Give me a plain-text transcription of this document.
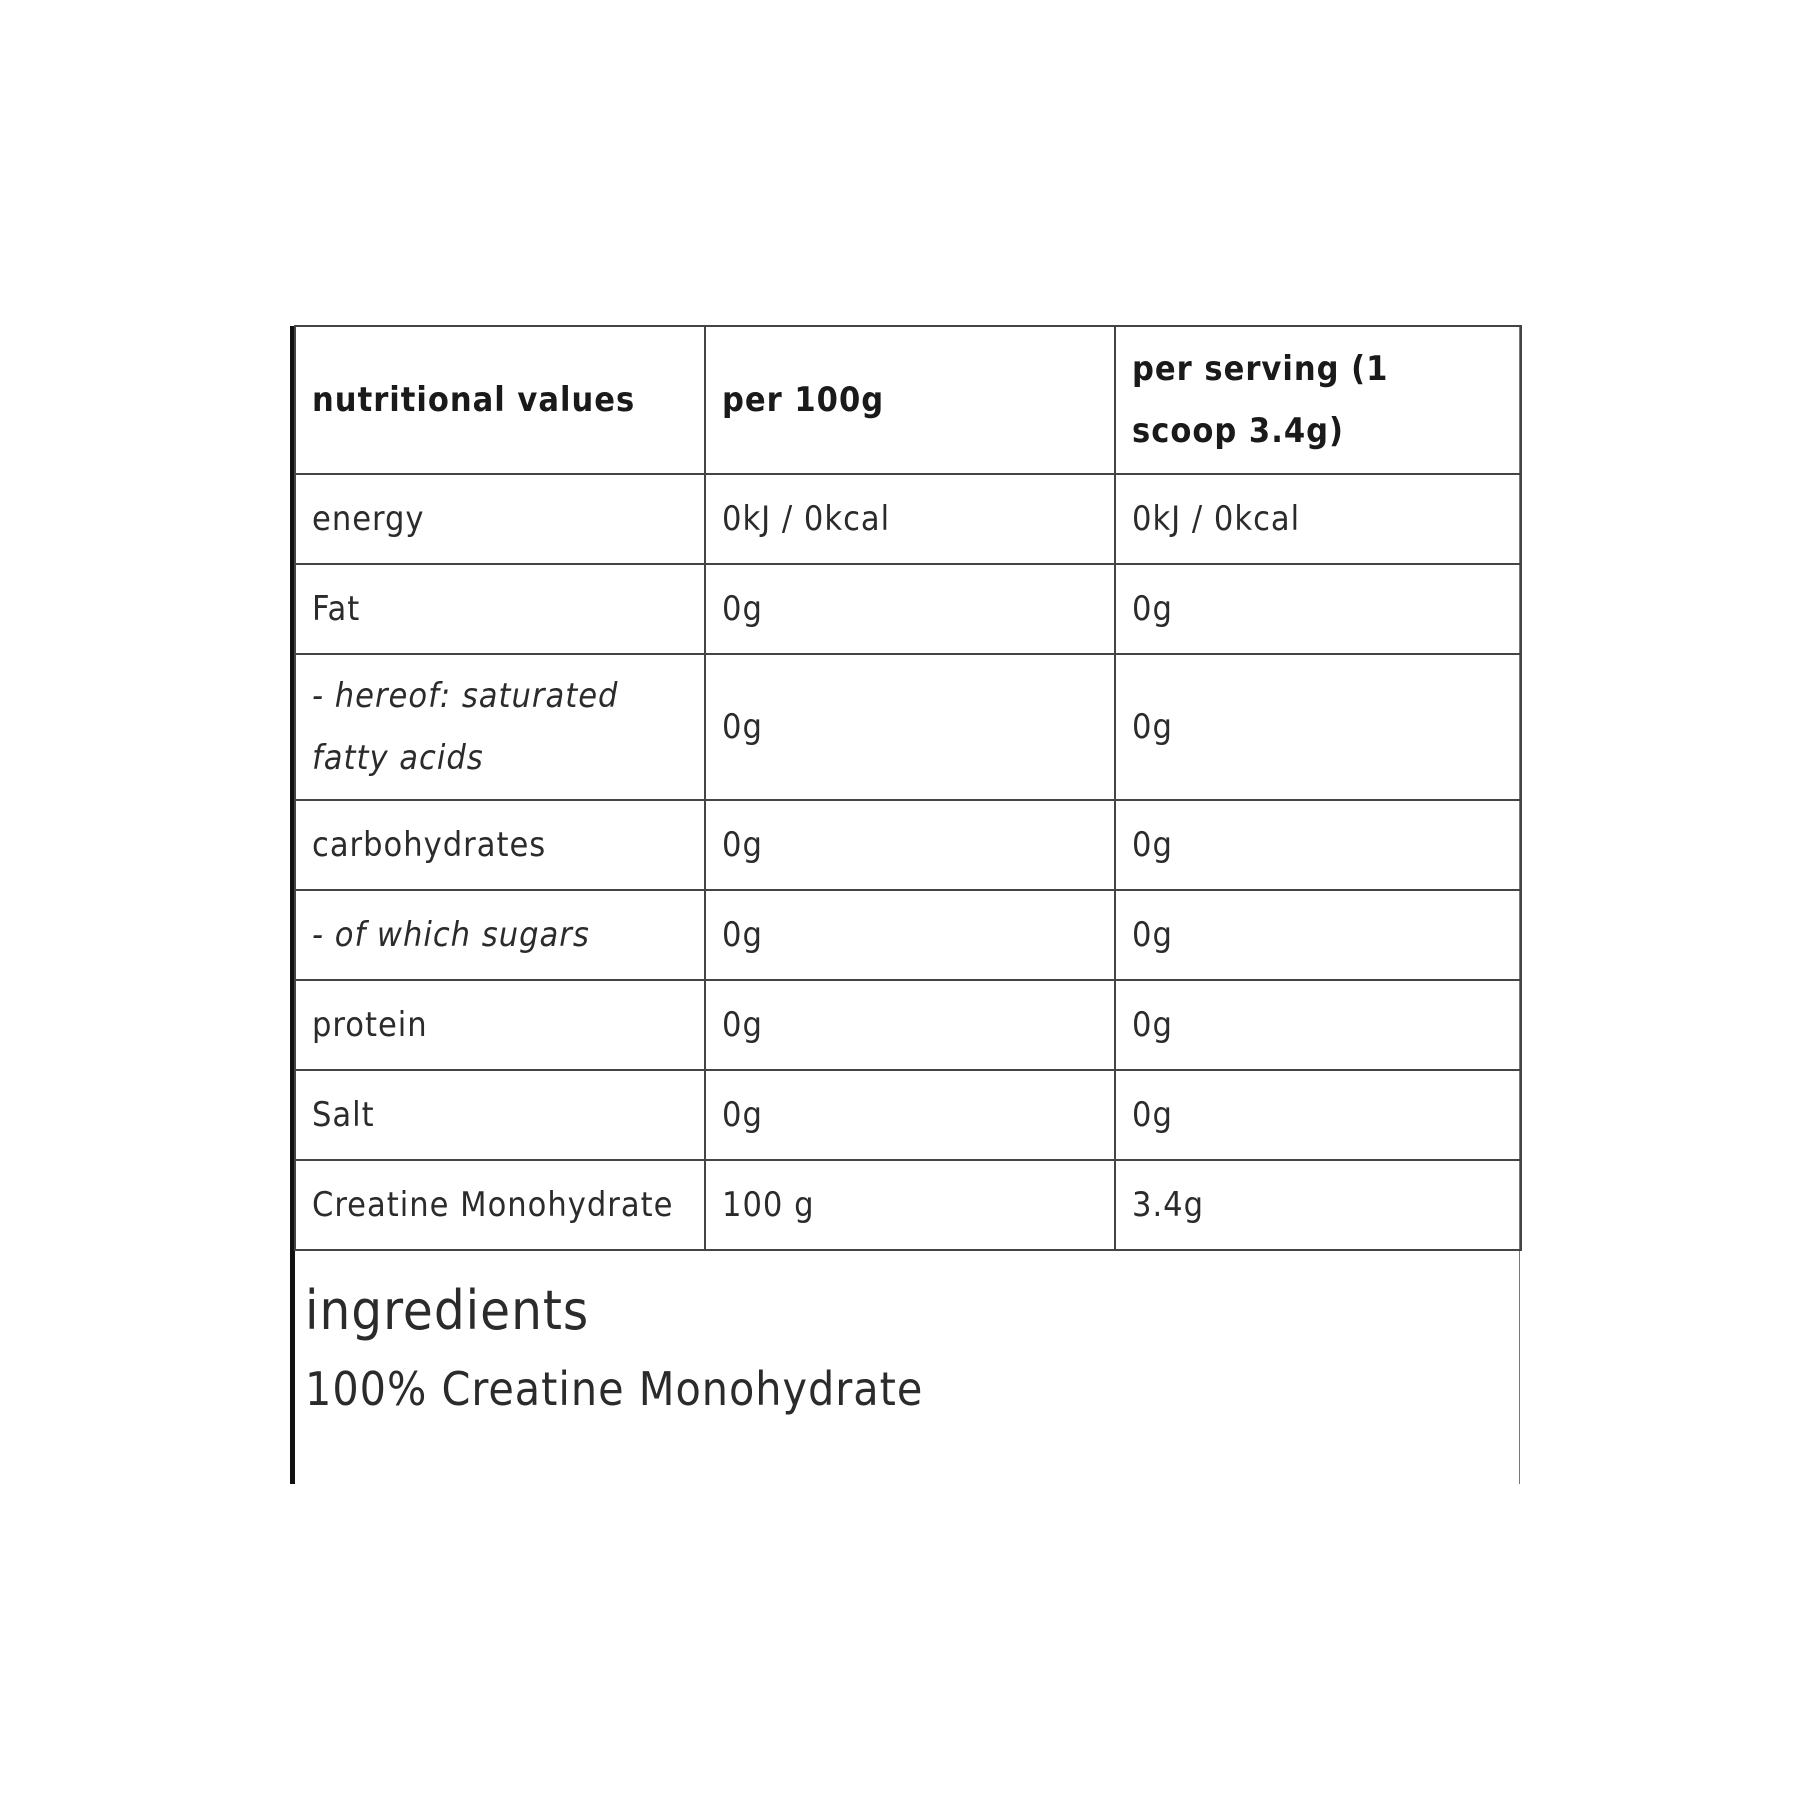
nutritional values	per 100g	per serving (1 scoop 3.4g)
energy	0kJ / 0kcal	0kJ / 0kcal
Fat	0g	0g
- hereof: saturated fatty acids	0g	0g
carbohydrates	0g	0g
- of which sugars	0g	0g
protein	0g	0g
Salt	0g	0g
Creatine Monohydrate	100 g	3.4g

ingredients

100% Creatine Monohydrate
